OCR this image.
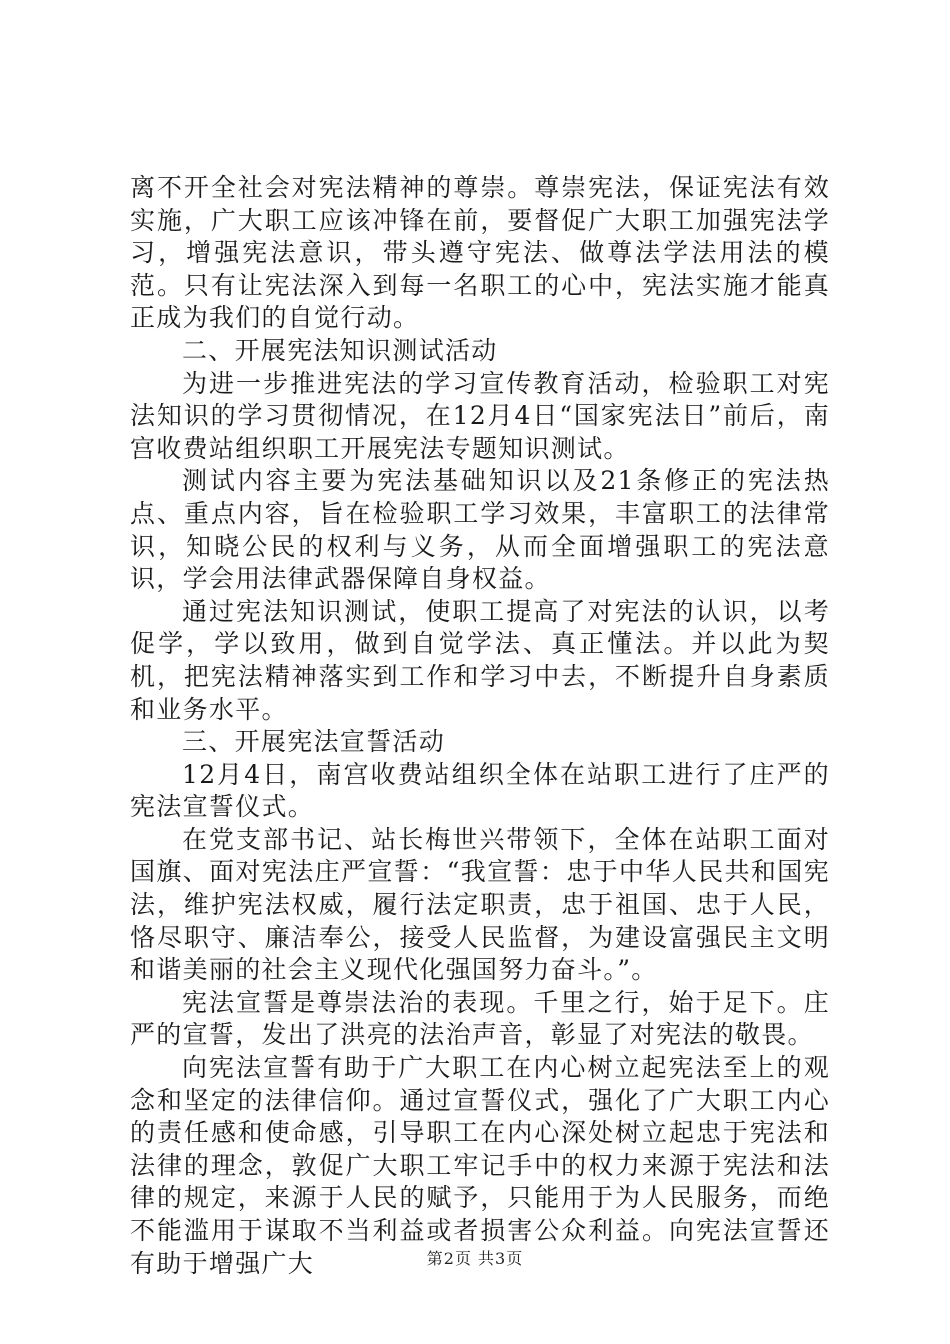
离不开全社会对宪法精神的尊崇。尊崇宪法，保证宪法有效实施，广大职工应该冲锋在前，要督促广大职工加强宪法学习，增强宪法意识，带头遵守宪法、做尊法学法用法的模范。只有让宪法深入到每一名职工的心中，宪法实施才能真正成为我们的自觉行动。

二、开展宪法知识测试活动

为进一步推进宪法的学习宣传教育活动，检验职工对宪法知识的学习贯彻情况，在12月4日“国家宪法日”前后，南宫收费站组织职工开展宪法专题知识测试。

测试内容主要为宪法基础知识以及21条修正的宪法热点、重点内容，旨在检验职工学习效果，丰富职工的法律常识，知晓公民的权利与义务，从而全面增强职工的宪法意识，学会用法律武器保障自身权益。

通过宪法知识测试，使职工提高了对宪法的认识，以考促学，学以致用，做到自觉学法、真正懂法。并以此为契机，把宪法精神落实到工作和学习中去，不断提升自身素质和业务水平。

三、开展宪法宣誓活动

12月4日，南宫收费站组织全体在站职工进行了庄严的宪法宣誓仪式。

在党支部书记、站长梅世兴带领下，全体在站职工面对国旗、面对宪法庄严宣誓：“我宣誓：忠于中华人民共和国宪法，维护宪法权威，履行法定职责，忠于祖国、忠于人民，恪尽职守、廉洁奉公，接受人民监督，为建设富强民主文明和谐美丽的社会主义现代化强国努力奋斗。”。

宪法宣誓是尊崇法治的表现。千里之行，始于足下。庄严的宣誓，发出了洪亮的法治声音，彰显了对宪法的敬畏。

向宪法宣誓有助于广大职工在内心树立起宪法至上的观念和坚定的法律信仰。通过宣誓仪式，强化了广大职工内心的责任感和使命感，引导职工在内心深处树立起忠于宪法和法律的理念，敦促广大职工牢记手中的权力来源于宪法和法律的规定，来源于人民的赋予，只能用于为人民服务，而绝不能滥用于谋取不当利益或者损害公众利益。向宪法宣誓还有助于增强广大	第2页 共3页
